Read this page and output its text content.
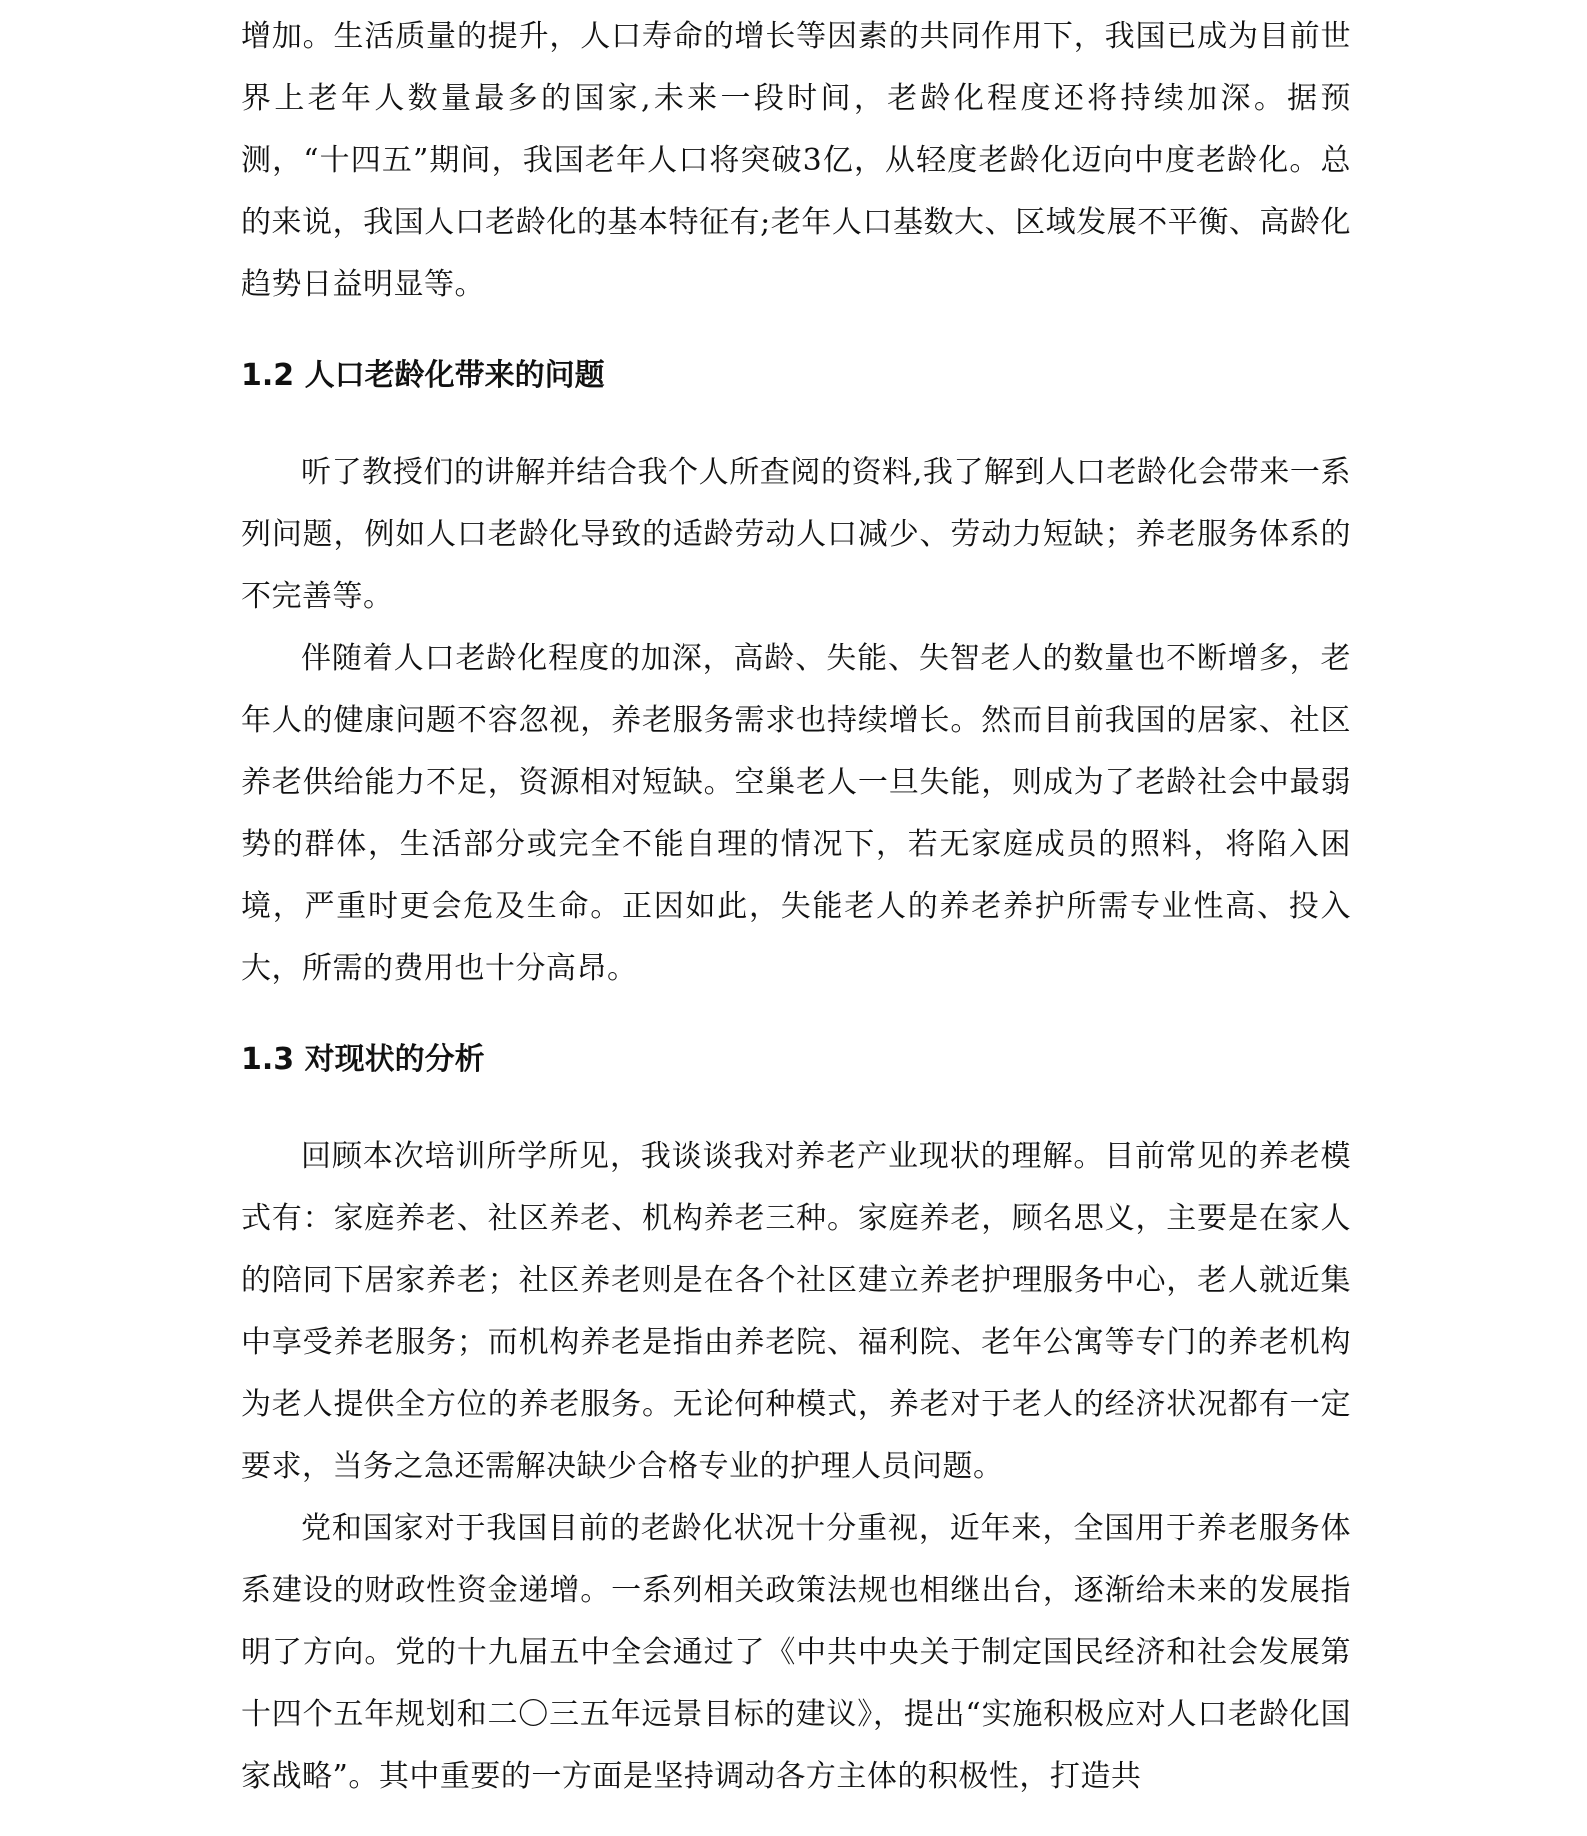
增加。生活质量的提升，人口寿命的增长等因素的共同作用下，我国已成为目前世界上老年人数量最多的国家,未来一段时间，老龄化程度还将持续加深。据预测，“十四五”期间，我国老年人口将突破3亿，从轻度老龄化迈向中度老龄化。总的来说，我国人口老龄化的基本特征有;老年人口基数大、区域发展不平衡、高龄化趋势日益明显等。

1.2 人口老龄化带来的问题

听了教授们的讲解并结合我个人所查阅的资料,我了解到人口老龄化会带来一系列问题，例如人口老龄化导致的适龄劳动人口减少、劳动力短缺；养老服务体系的不完善等。

伴随着人口老龄化程度的加深，高龄、失能、失智老人的数量也不断增多，老年人的健康问题不容忽视，养老服务需求也持续增长。然而目前我国的居家、社区养老供给能力不足，资源相对短缺。空巢老人一旦失能，则成为了老龄社会中最弱势的群体，生活部分或完全不能自理的情况下，若无家庭成员的照料，将陷入困境，严重时更会危及生命。正因如此，失能老人的养老养护所需专业性高、投入大，所需的费用也十分高昂。

1.3 对现状的分析

回顾本次培训所学所见，我谈谈我对养老产业现状的理解。目前常见的养老模式有：家庭养老、社区养老、机构养老三种。家庭养老，顾名思义，主要是在家人的陪同下居家养老；社区养老则是在各个社区建立养老护理服务中心，老人就近集中享受养老服务；而机构养老是指由养老院、福利院、老年公寓等专门的养老机构为老人提供全方位的养老服务。无论何种模式，养老对于老人的经济状况都有一定要求，当务之急还需解决缺少合格专业的护理人员问题。

党和国家对于我国目前的老龄化状况十分重视，近年来，全国用于养老服务体系建设的财政性资金递增。一系列相关政策法规也相继出台，逐渐给未来的发展指明了方向。党的十九届五中全会通过了《中共中央关于制定国民经济和社会发展第十四个五年规划和二〇三五年远景目标的建议》，提出“实施积极应对人口老龄化国家战略”。其中重要的一方面是坚持调动各方主体的积极性，打造共
